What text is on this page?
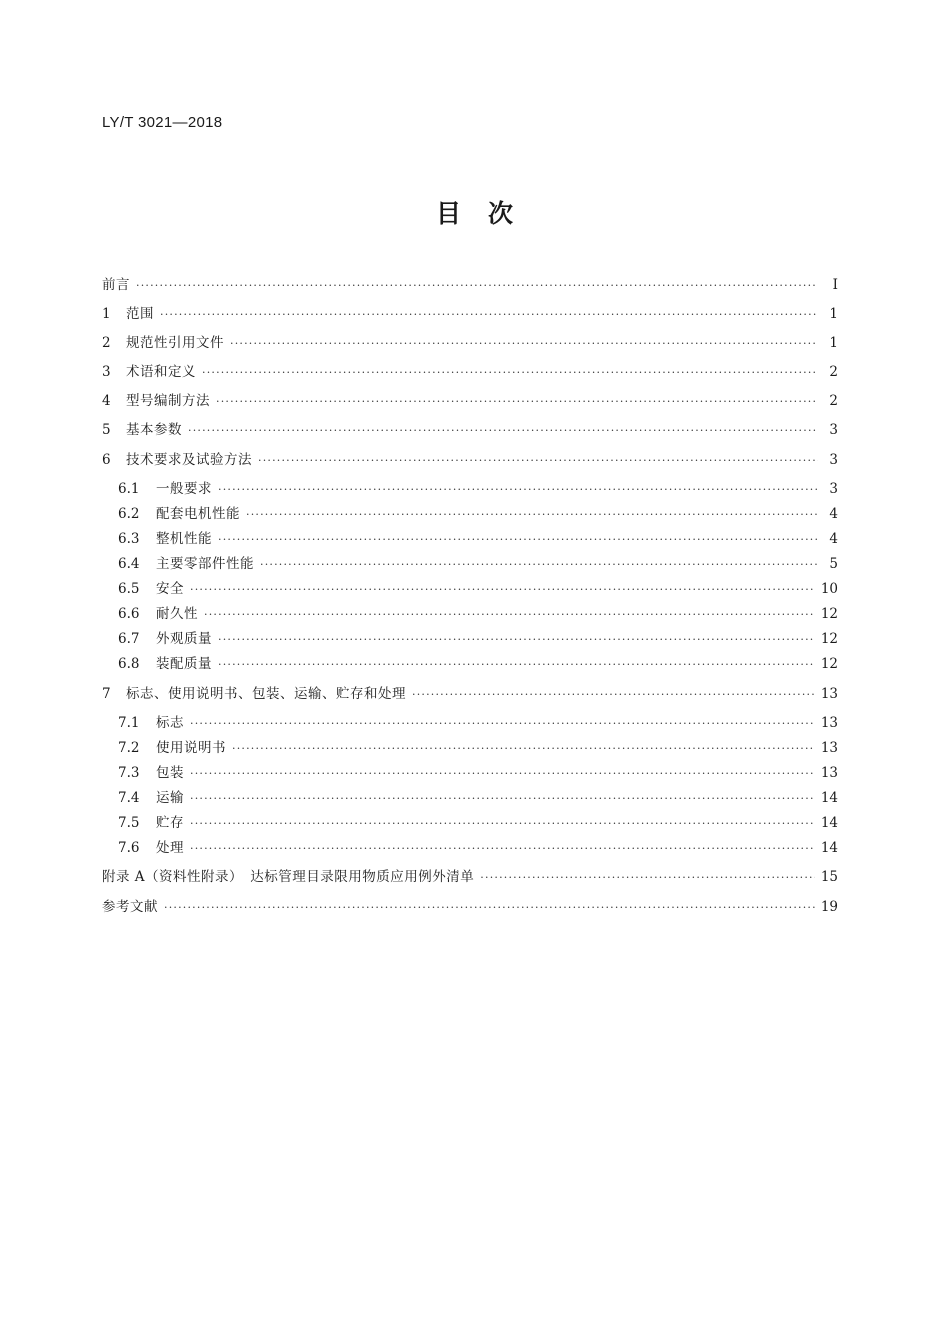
LY/T 3021—2018
目　次
前言 ·····	Ⅰ
1	范围 ·····	1
2	规范性引用文件 ·····	1
3	术语和定义 ·····	2
4	型号编制方法 ·····	2
5	基本参数 ·····	3
6	技术要求及试验方法 ·····	3
6.1	一般要求 ·····	3
6.2	配套电机性能 ·····	4
6.3	整机性能 ·····	4
6.4	主要零部件性能 ·····	5
6.5	安全 ·····	10
6.6	耐久性 ·····	12
6.7	外观质量 ·····	12
6.8	装配质量 ·····	12
7	标志、使用说明书、包装、运输、贮存和处理 ·····	13
7.1	标志 ·····	13
7.2	使用说明书 ·····	13
7.3	包装 ·····	13
7.4	运输 ·····	14
7.5	贮存 ·····	14
7.6	处理 ·····	14
附录 A（资料性附录）　达标管理目录限用物质应用例外清单 ·····	15
参考文献 ·····	19
